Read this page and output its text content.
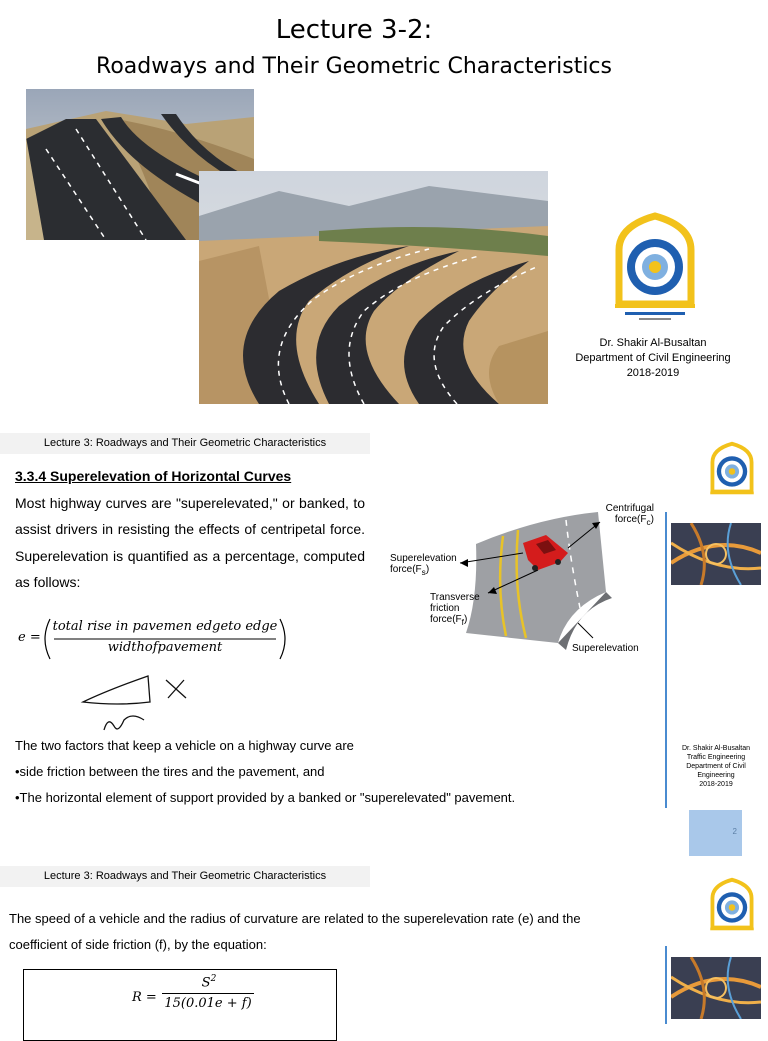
Lecture 3-2:
Roadways and Their Geometric Characteristics
Dr. Shakir Al-Busaltan
Department of Civil Engineering
2018-2019
Lecture 3: Roadways and Their Geometric Characteristics
3.3.4 Superelevation of Horizontal Curves
Most highway curves are "superelevated," or banked, to assist drivers in resisting the effects of centripetal force. Superelevation is quantified as a percentage, computed as follows:
e =
total rise in pavemen edgeto edge
widthofpavement
Centrifugal $force(F_c)$
Superelevation $force(F_s)$
Transverse friction $force(F_f)$
Superelevation
The two factors that keep a vehicle on a highway curve are
•side friction between the tires and the pavement, and
•The horizontal element of support provided by a banked or "superelevated" pavement.
Dr. Shakir Al-Busaltan
Traffic Engineering
Department of Civil
Engineering
2018-2019
2
Lecture 3: Roadways and Their Geometric Characteristics
The speed of a vehicle and the radius of curvature are related to the superelevation rate (e) and the
coefficient of side friction (f), by the equation:
R =
$S^2$
15(0.01e + f)
